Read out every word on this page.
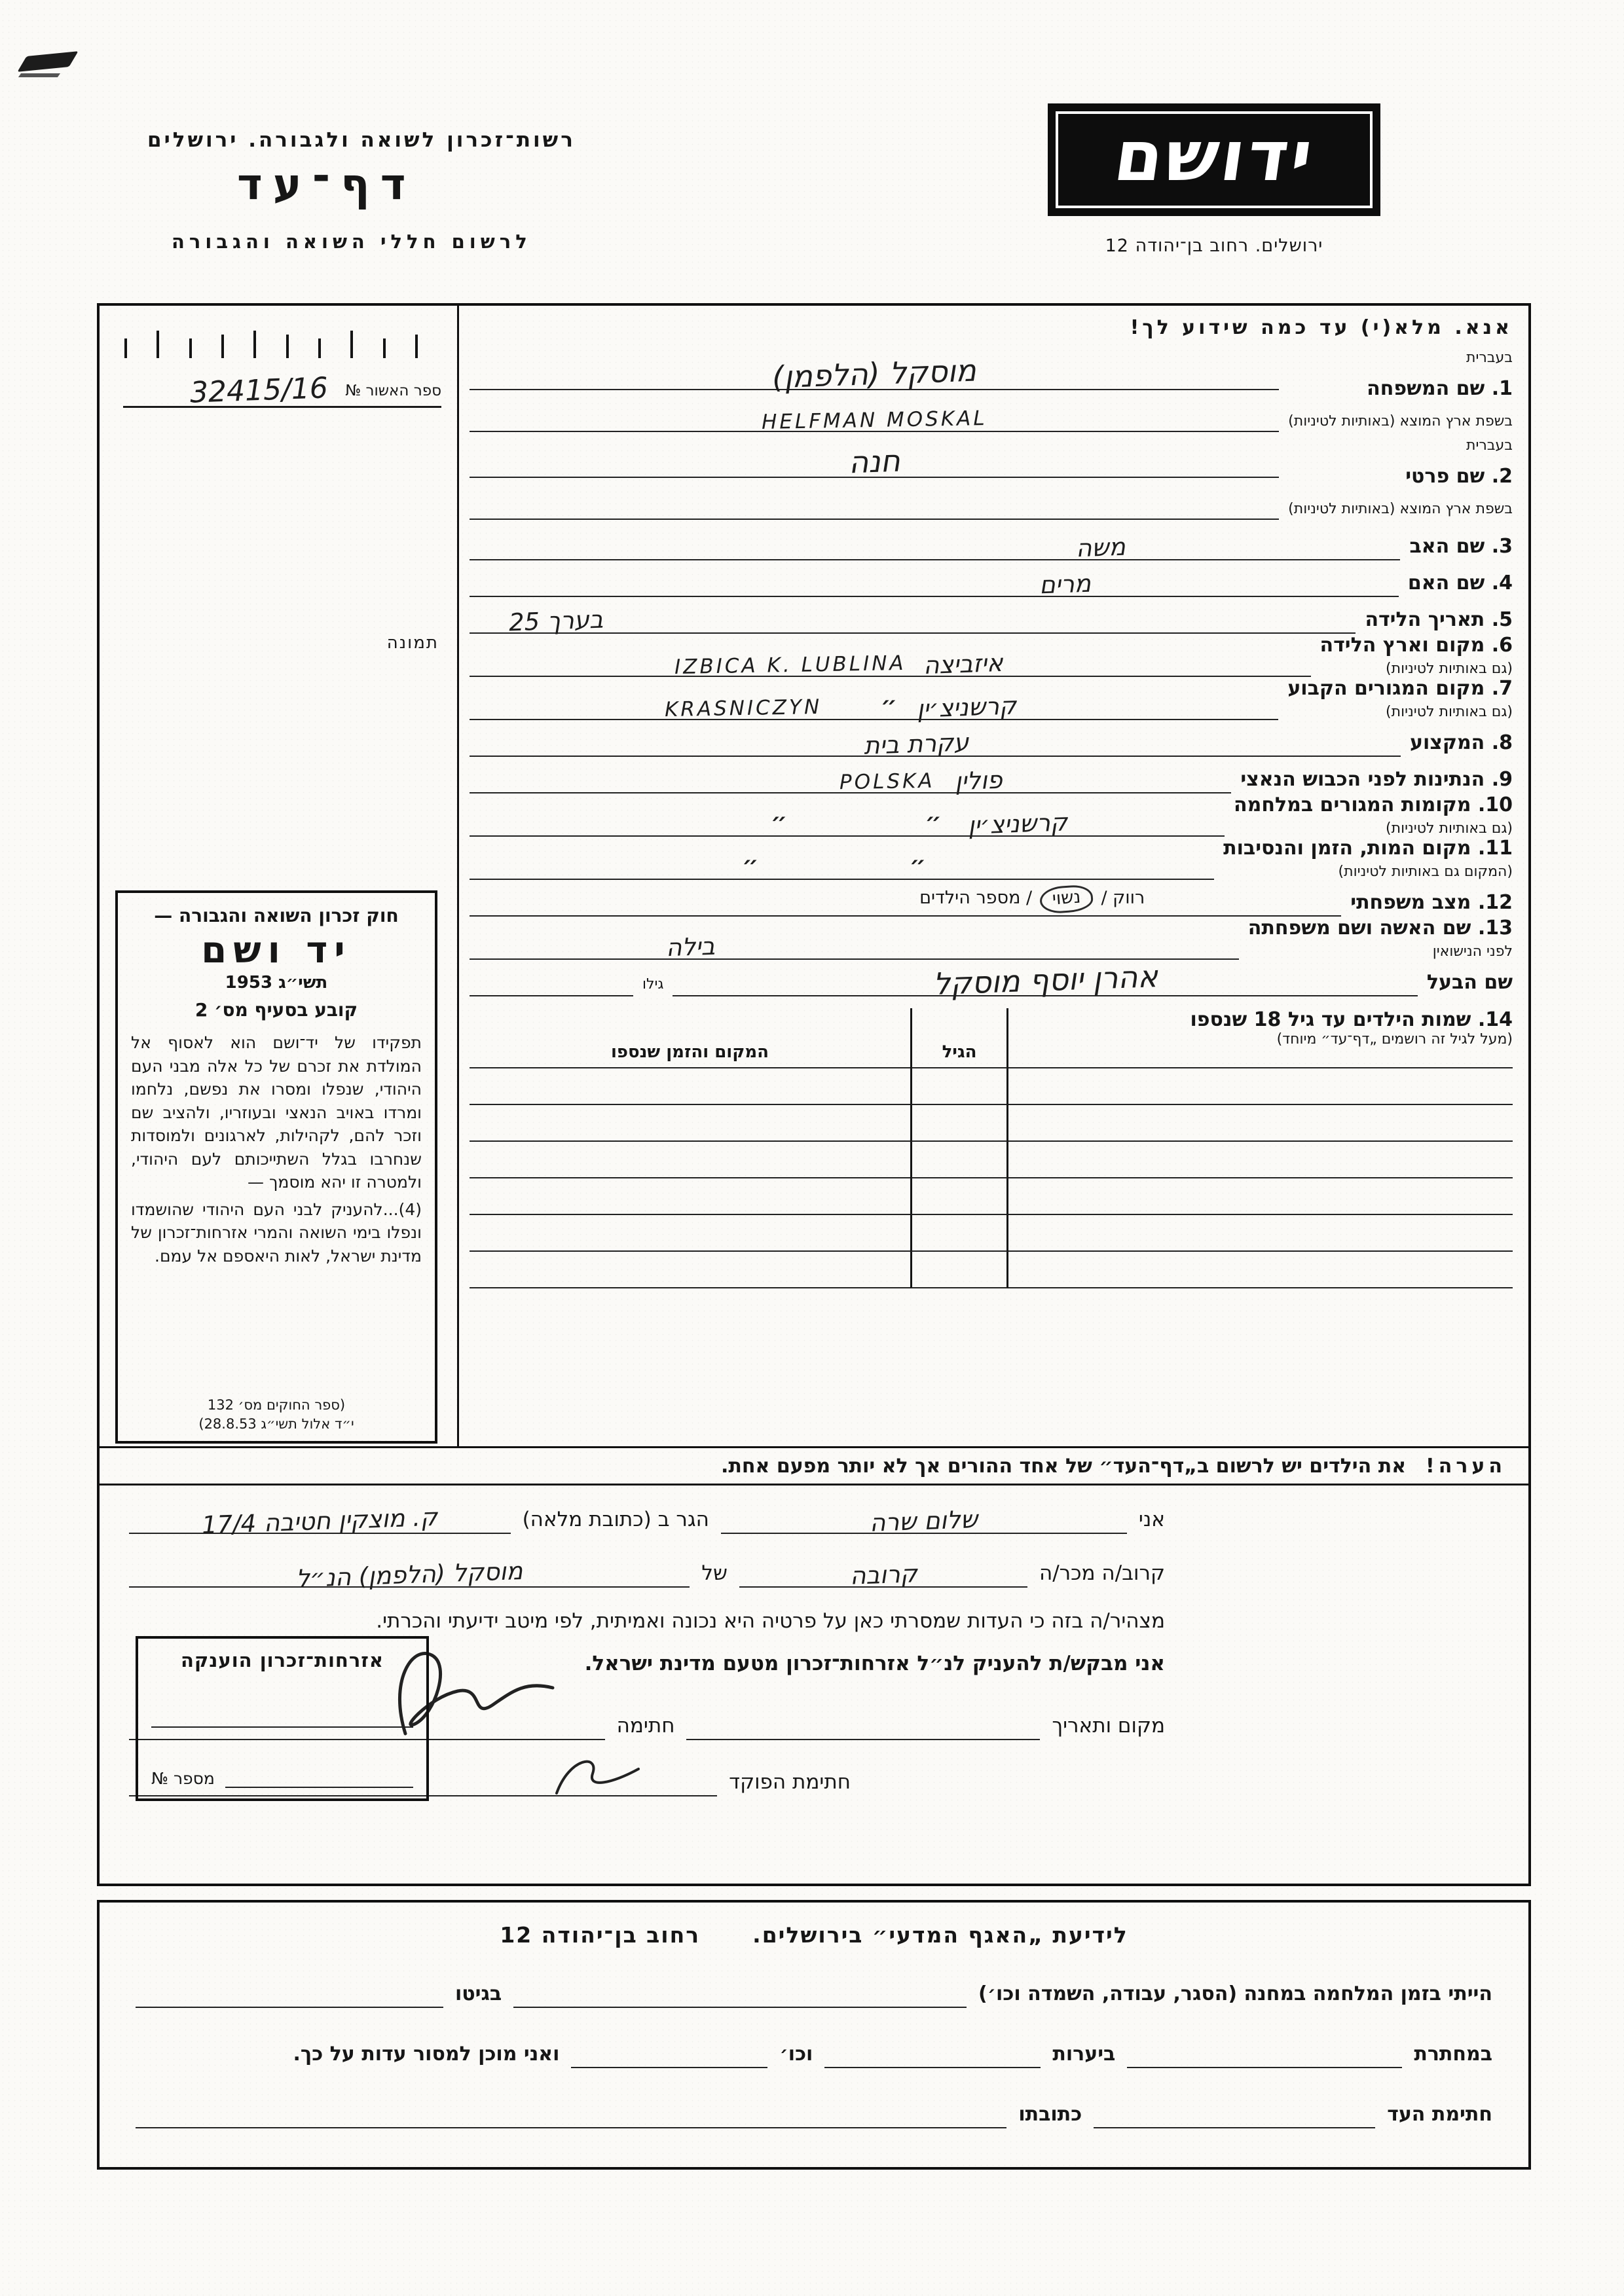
רשות־זכרון לשואה ולגבורה. ירושלים
דף־עד
לרשום חללי השואה והגבורה
ידושם
ירושלים. רחוב בן־יהודה 12
אנא. מלא(י) עד כמה שידוע לך!
בעברית
1. שם המשפחה
בשפת ארץ המוצא (באותיות לטיניות)
מוסקל (הלפמן)
HELFMAN MOSKAL
בעברית
2. שם פרטי
בשפת ארץ המוצא (באותיות לטיניות)
חנה
3. שם האב
משה
4. שם האם
מרים
5. תאריך הלידה
בערך 25
6. מקום וארץ הלידה
(גם באותיות לטיניות)
איזביצה
IZBICA K. LUBLINA
7. מקום המגורים הקבוע
(גם באותיות לטיניות)
קרשניצ׳ין
״
KRASNICZYN
8. המקצוע
עקרת בית
9. הנתינות לפני הכבוש הנאצי
פולין
POLSKA
10. מקומות המגורים במלחמה
(גם באותיות לטיניות)
קרשניצ׳ין
״
״
11. מקום המות, הזמן והנסיבות
(המקום גם באותיות לטיניות)
״
״
12. מצב משפחתי
רווק /
נשוי
/ מספר הילדים
13. שם האשה ושם משפחתה
לפני הנישואין
בילה
שם הבעל
אהרן יוסף מוסקל
גילו
14. שמות הילדים עד גיל 18 שנספו
(מעל לגיל זה רושמים „דף־עד״ מיוחד)
הגיל
המקום והזמן שנספו
ספר האשור №
32415/16
תמונה
חוק זכרון השואה והגבורה —
יד ושם
תשי״ג 1953
קובע בסעיף מס׳ 2
תפקידו של יד־ושם הוא לאסוף אל המולדת את זכרם של כל אלה מבני העם היהודי, שנפלו ומסרו את נפשם, נלחמו ומרדו באויב הנאצי ובעוזריו, ולהציב שם וזכר להם, לקהילות, לארגונים ולמוסדות שנחרבו בגלל השתייכותם לעם היהודי, ולמטרה זו יהא מוסמך —
(4)...להעניק לבני העם היהודי שהושמדו ונפלו בימי השואה והמרי אזרחות־זכרון של מדינת ישראל, לאות היאספם אל עמם.
(ספר החוקים מס׳ 132
י״ד אלול תשי״ג 28.8.53)
הערה!
את הילדים יש לרשום ב„דף־העד״ של אחד ההורים אך לא יותר מפעם אחת.
אני
שלום שרה
הגר ב (כתובת מלאה)
ק. מוצקין חטיבה 17/4
קרוב/ה מכר/ה
קרובה
של
מוסקל (הלפמן) הנ״ל
מצהיר/ה בזה כי העדות שמסרתי כאן על פרטיה היא נכונה ואמיתית, לפי מיטב ידיעתי והכרתי.
אני מבקש/ת להעניק לנ״ל אזרחות־זכרון מטעם מדינת ישראל.
מקום ותאריך
חתימה
חתימת הפוקד
אזרחות־זכרון הוענקה
מספר №
לידיעת „האגף המדעי״ בירושלים.
רחוב בן־יהודה 12
הייתי בזמן המלחמה במחנה (הסגר, עבודה, השמדה וכו׳)
בגיטו
במחתרת
ביערות
וכו׳
ואני מוכן למסור עדות על כך.
חתימת העד
כתובתו
